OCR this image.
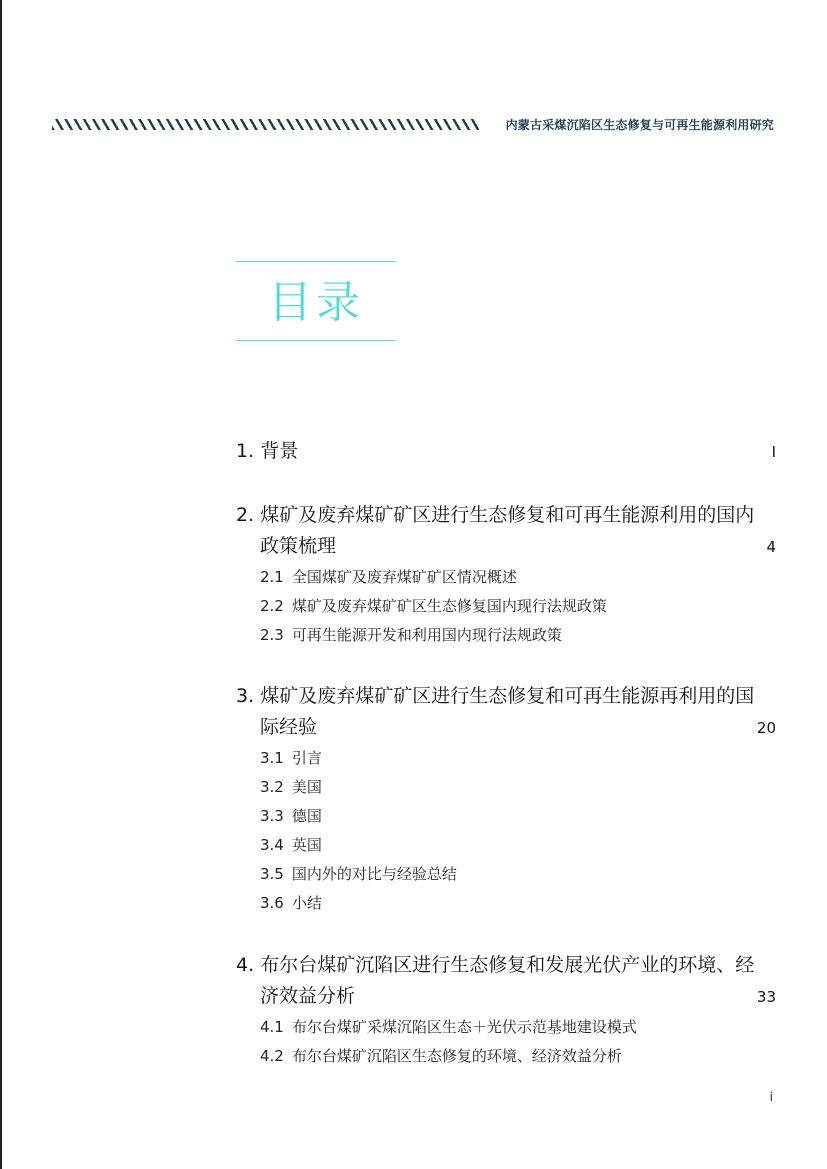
内蒙古采煤沉陷区生态修复与可再生能源利用研究
目录
1. 背景	I
2. 煤矿及废弃煤矿矿区进行生态修复和可再生能源利用的国内
政策梳理	4
2.1 全国煤矿及废弃煤矿矿区情况概述
2.2 煤矿及废弃煤矿矿区生态修复国内现行法规政策
2.3 可再生能源开发和利用国内现行法规政策
3. 煤矿及废弃煤矿矿区进行生态修复和可再生能源再利用的国
际经验	20
3.1 引言
3.2 美国
3.3 德国
3.4 英国
3.5 国内外的对比与经验总结
3.6 小结
4. 布尔台煤矿沉陷区进行生态修复和发展光伏产业的环境、经
济效益分析	33
4.1 布尔台煤矿采煤沉陷区生态＋光伏示范基地建设模式
4.2 布尔台煤矿沉陷区生态修复的环境、经济效益分析
i
